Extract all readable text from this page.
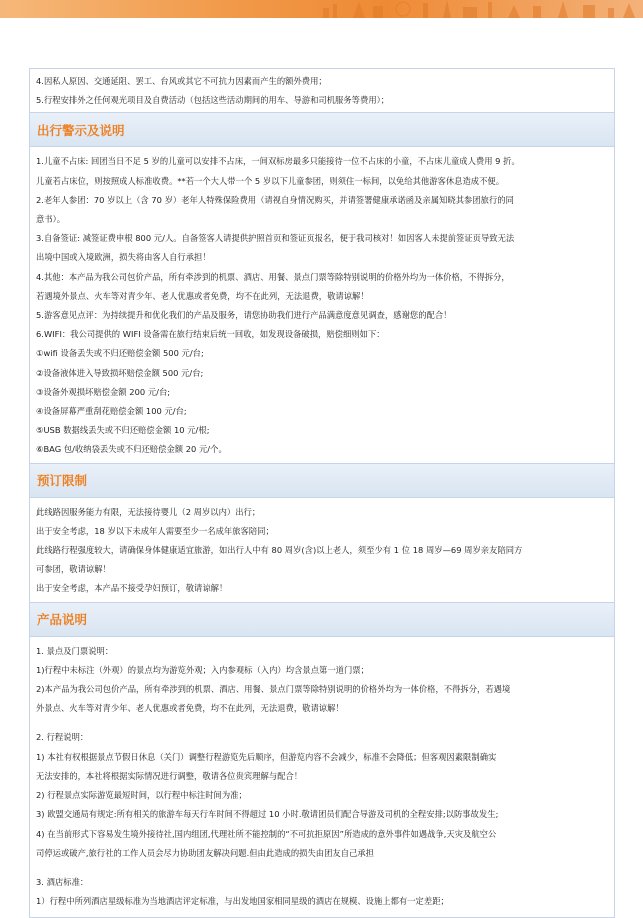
4.因私人原因、交通延阻、罢工、台风或其它不可抗力因素而产生的额外费用；

5.行程安排外之任何观光项目及自费活动（包括这些活动期间的用车、导游和司机服务等费用）；

出行警示及说明

1.儿童不占床: 回团当日不足 5 岁的儿童可以安排不占床，一间双标房最多只能接待一位不占床的小童，不占床儿童成人费用 9 折。

儿童若占床位，则按照成人标准收费。**若一个大人带一个 5 岁以下儿童参团，则须住一标间，以免给其他游客休息造成不便。

2.老年人参团：70 岁以上（含 70 岁）老年人特殊保险费用（请视自身情况购买，并请签署健康承诺函及亲属知晓其参团旅行的同

意书）。

3.自备签证: 减签证费申根 800 元/人。自备签客人请提供护照首页和签证页报名，便于我司核对！如因客人未提前签证页导致无法

出境中国或入境欧洲，损失将由客人自行承担！

4.其他：本产品为我公司包价产品，所有牵涉到的机票、酒店、用餐、景点门票等除特别说明的价格外均为一体价格，不得拆分，

若遇境外景点、火车等对青少年、老人优惠或者免费，均不在此列，无法退费，敬请谅解！

5.游客意见点评：为持续提升和优化我们的产品及服务，请您协助我们进行产品满意度意见调查，感谢您的配合！

6.WIFI：我公司提供的 WIFI 设备需在旅行结束后统一回收，如发现设备破损，赔偿细则如下：

①wifi 设备丢失或不归还赔偿金额 500 元/台;

②设备液体进入导致损坏赔偿金额 500 元/台;

③设备外观损坏赔偿金额 200 元/台;

④设备屏幕严重刮花赔偿金额 100 元/台;

⑤USB 数据线丢失或不归还赔偿金额 10 元/根;

⑥BAG 包/收纳袋丢失或不归还赔偿金额 20 元/个。

预订限制

此线路因服务能力有限，无法接待婴儿（2 周岁以内）出行；

出于安全考虑，18 岁以下未成年人需要至少一名成年旅客陪同；

此线路行程强度较大，请确保身体健康适宜旅游，如出行人中有 80 周岁(含)以上老人，须至少有 1 位 18 周岁—69 周岁亲友陪同方

可参团，敬请谅解！

出于安全考虑，本产品不接受孕妇预订，敬请谅解！

产品说明

1. 景点及门票说明：

1)行程中未标注（外观）的景点均为游览外观；入内参观标（入内）均含景点第一道门票；

2)本产品为我公司包价产品，所有牵涉到的机票、酒店、用餐、景点门票等除特别说明的价格外均为一体价格，不得拆分，若遇境

外景点、火车等对青少年、老人优惠或者免费，均不在此列，无法退费，敬请谅解！

2. 行程说明：

1) 本社有权根据景点节假日休息（关门）调整行程游览先后顺序，但游览内容不会减少，标准不会降低；但客观因素限制确实

无法安排的，本社将根据实际情况进行调整，敬请各位贵宾理解与配合！

2) 行程景点实际游览最短时间，以行程中标注时间为准；

3) 欧盟交通局有规定:所有相关的旅游车每天行车时间不得超过 10 小时.敬请团员们配合导游及司机的全程安排;以防事故发生;

4) 在当前形式下容易发生境外接待社,国内组团,代理社所不能控制的“不可抗拒原因”所造成的意外事件如遇战争,天灾及航空公

司停运或破产,旅行社的工作人员会尽力协助团友解决问题.但由此造成的损失由团友自己承担

3. 酒店标准：

1）行程中所列酒店星级标准为当地酒店评定标准，与出发地国家相同星级的酒店在规模、设施上都有一定差距；
